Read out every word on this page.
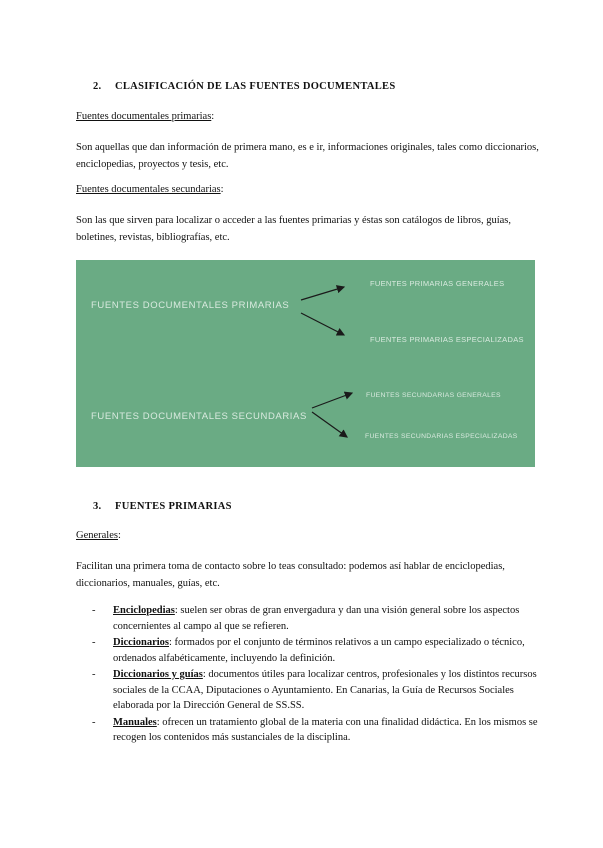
2. CLASIFICACIÓN DE LAS FUENTES DOCUMENTALES
Fuentes documentales primarias:
Son aquellas que dan información de primera mano, es e ir, informaciones originales, tales como diccionarios, enciclopedias, proyectos y tesis, etc.
Fuentes documentales secundarias:
Son las que sirven para localizar o acceder a las fuentes primarias y éstas son catálogos de libros, guías, boletines, revistas, bibliografías, etc.
FUENTES DOCUMENTALES PRIMARIAS
FUENTES PRIMARIAS GENERALES
FUENTES PRIMARIAS ESPECIALIZADAS
FUENTES DOCUMENTALES SECUNDARIAS
FUENTES SECUNDARIAS GENERALES
FUENTES SECUNDARIAS ESPECIALIZADAS
3. FUENTES PRIMARIAS
Generales:
Facilitan una primera toma de contacto sobre lo teas consultado: podemos así hablar de enciclopedias, diccionarios, manuales, guías, etc.
- Enciclopedias: suelen ser obras de gran envergadura y dan una visión general sobre los aspectos concernientes al campo al que se refieren.
- Diccionarios: formados por el conjunto de términos relativos a un campo especializado o técnico, ordenados alfabéticamente, incluyendo la definición.
- Diccionarios y guías: documentos útiles para localizar centros, profesionales y los distintos recursos sociales de la CCAA, Diputaciones o Ayuntamiento. En Canarias, la Guía de Recursos Sociales elaborada por la Dirección General de SS.SS.
- Manuales: ofrecen un tratamiento global de la materia con una finalidad didáctica. En los mismos se recogen los contenidos más sustanciales de la disciplina.
